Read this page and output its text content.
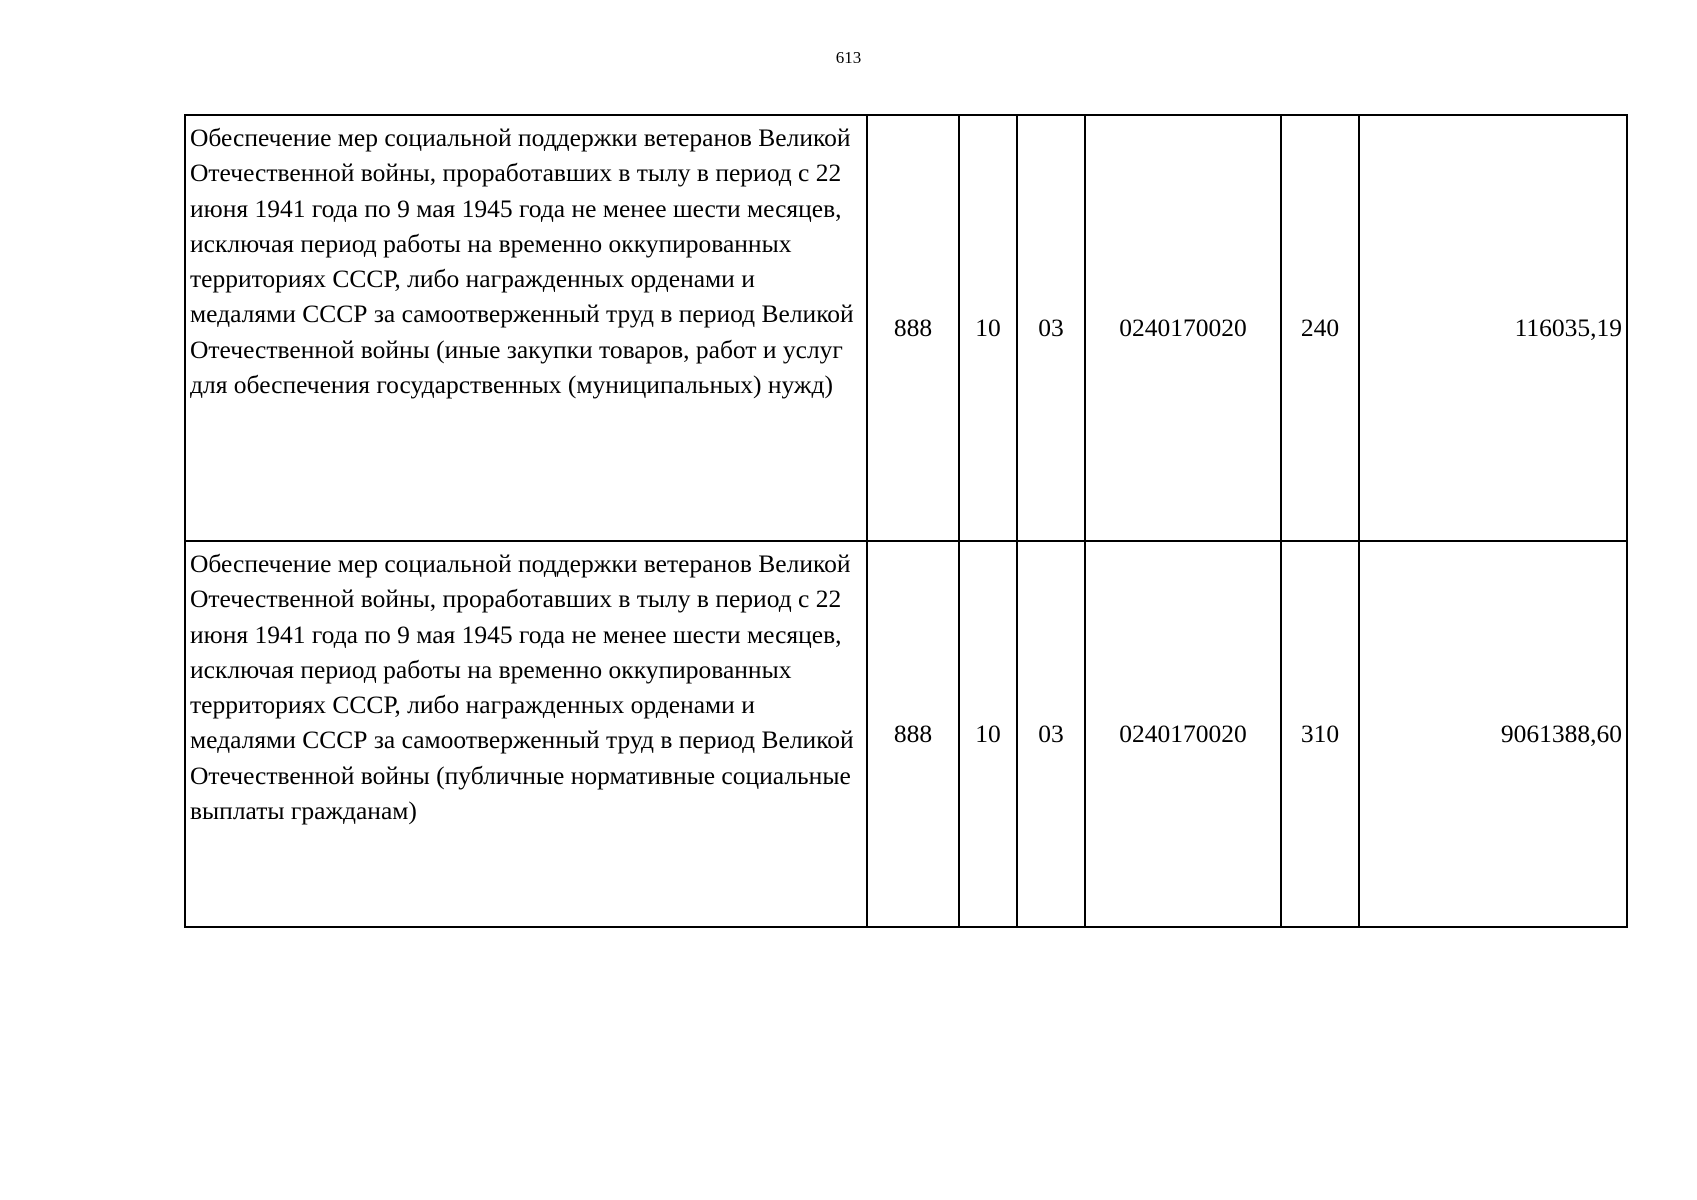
613
Обеспечение мер социальной поддержки ветеранов Великой Отечественной войны, проработавших в тылу в период с 22 июня 1941 года по 9 мая 1945 года не менее шести месяцев, исключая период работы на временно оккупированных территориях СССР, либо награжденных орденами и медалями СССР за самоотверженный труд в период Великой Отечественной войны (иные закупки товаров, работ и услуг для обеспечения государственных (муниципальных) нужд)	888	10	03	0240170020	240	116035,19
Обеспечение мер социальной поддержки ветеранов Великой Отечественной войны, проработавших в тылу в период с 22 июня 1941 года по 9 мая 1945 года не менее шести месяцев, исключая период работы на временно оккупированных территориях СССР, либо награжденных орденами и медалями СССР за самоотверженный труд в период Великой Отечественной войны (публичные нормативные социальные выплаты гражданам)	888	10	03	0240170020	310	9061388,60
